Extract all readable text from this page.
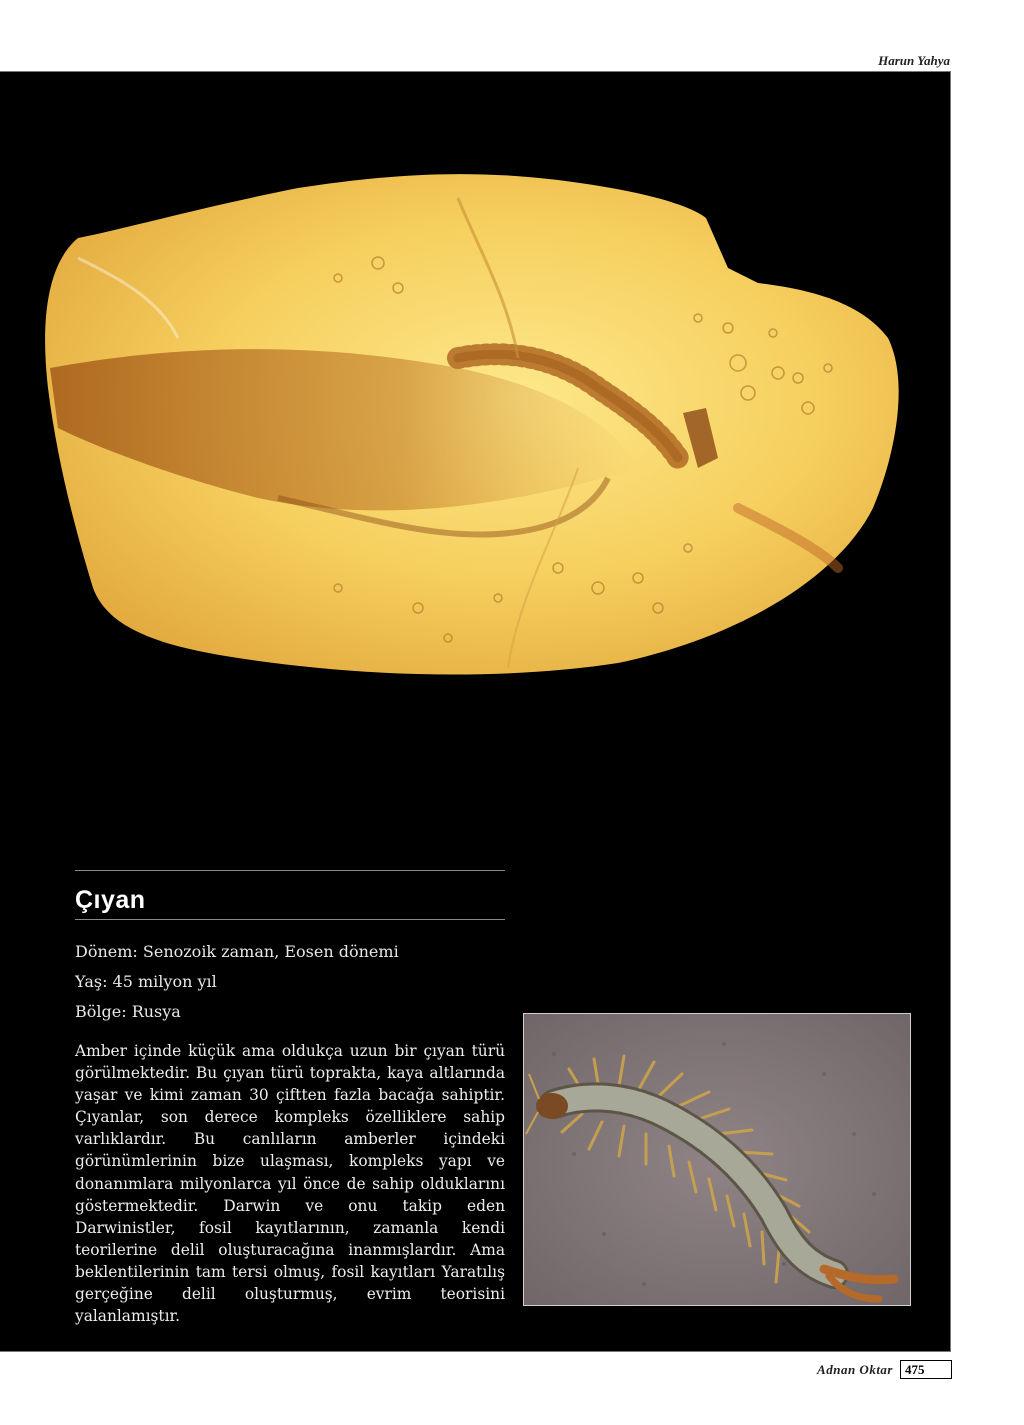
Harun Yahya
Çıyan
Dönem: Senozoik zaman, Eosen dönemi
Yaş: 45 milyon yıl
Bölge: Rusya

Amber içinde küçük ama oldukça uzun bir çıyan türü görülmektedir. Bu çıyan türü toprakta, kaya altlarında yaşar ve kimi zaman 30 çiftten fazla bacağa sahiptir. Çıyanlar, son derece kompleks özelliklere sahip varlıklardır. Bu canlıların amberler içindeki görünümlerinin bize ulaşması, kompleks yapı ve donanımlara milyonlarca yıl önce de sahip olduklarını göstermektedir. Darwin ve onu takip eden Darwinistler, fosil kayıtlarının, zamanla kendi teorilerine delil oluşturacağına inanmışlardır. Ama beklentilerinin tam tersi olmuş, fosil kayıtları Yaratılış gerçeğine delil oluşturmuş, evrim teorisini yalanlamıştır.

Adnan Oktar 475
